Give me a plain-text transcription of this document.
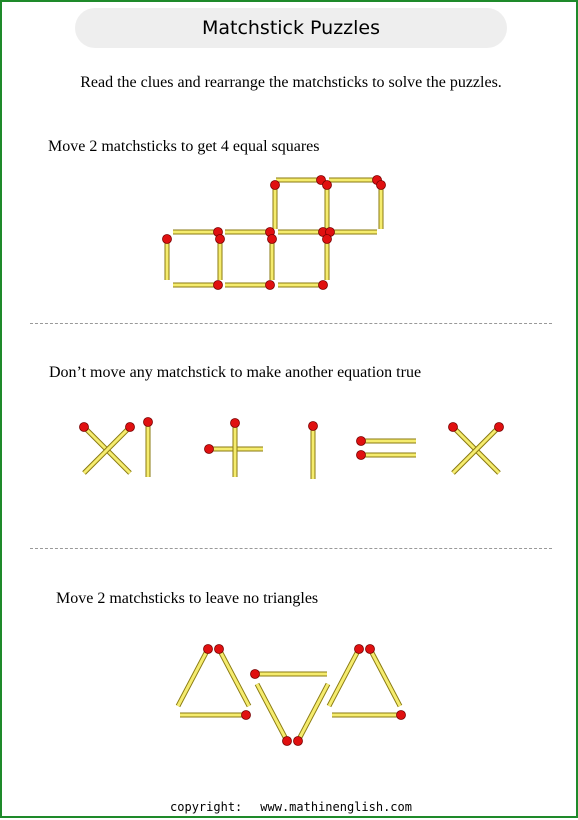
Matchstick Puzzles
Read the clues and rearrange the matchsticks to solve the puzzles.
Move 2 matchsticks to get 4 equal squares
Don’t move any matchstick to make another equation true
Move 2 matchsticks to leave no triangles
copyright: www.mathinenglish.com
